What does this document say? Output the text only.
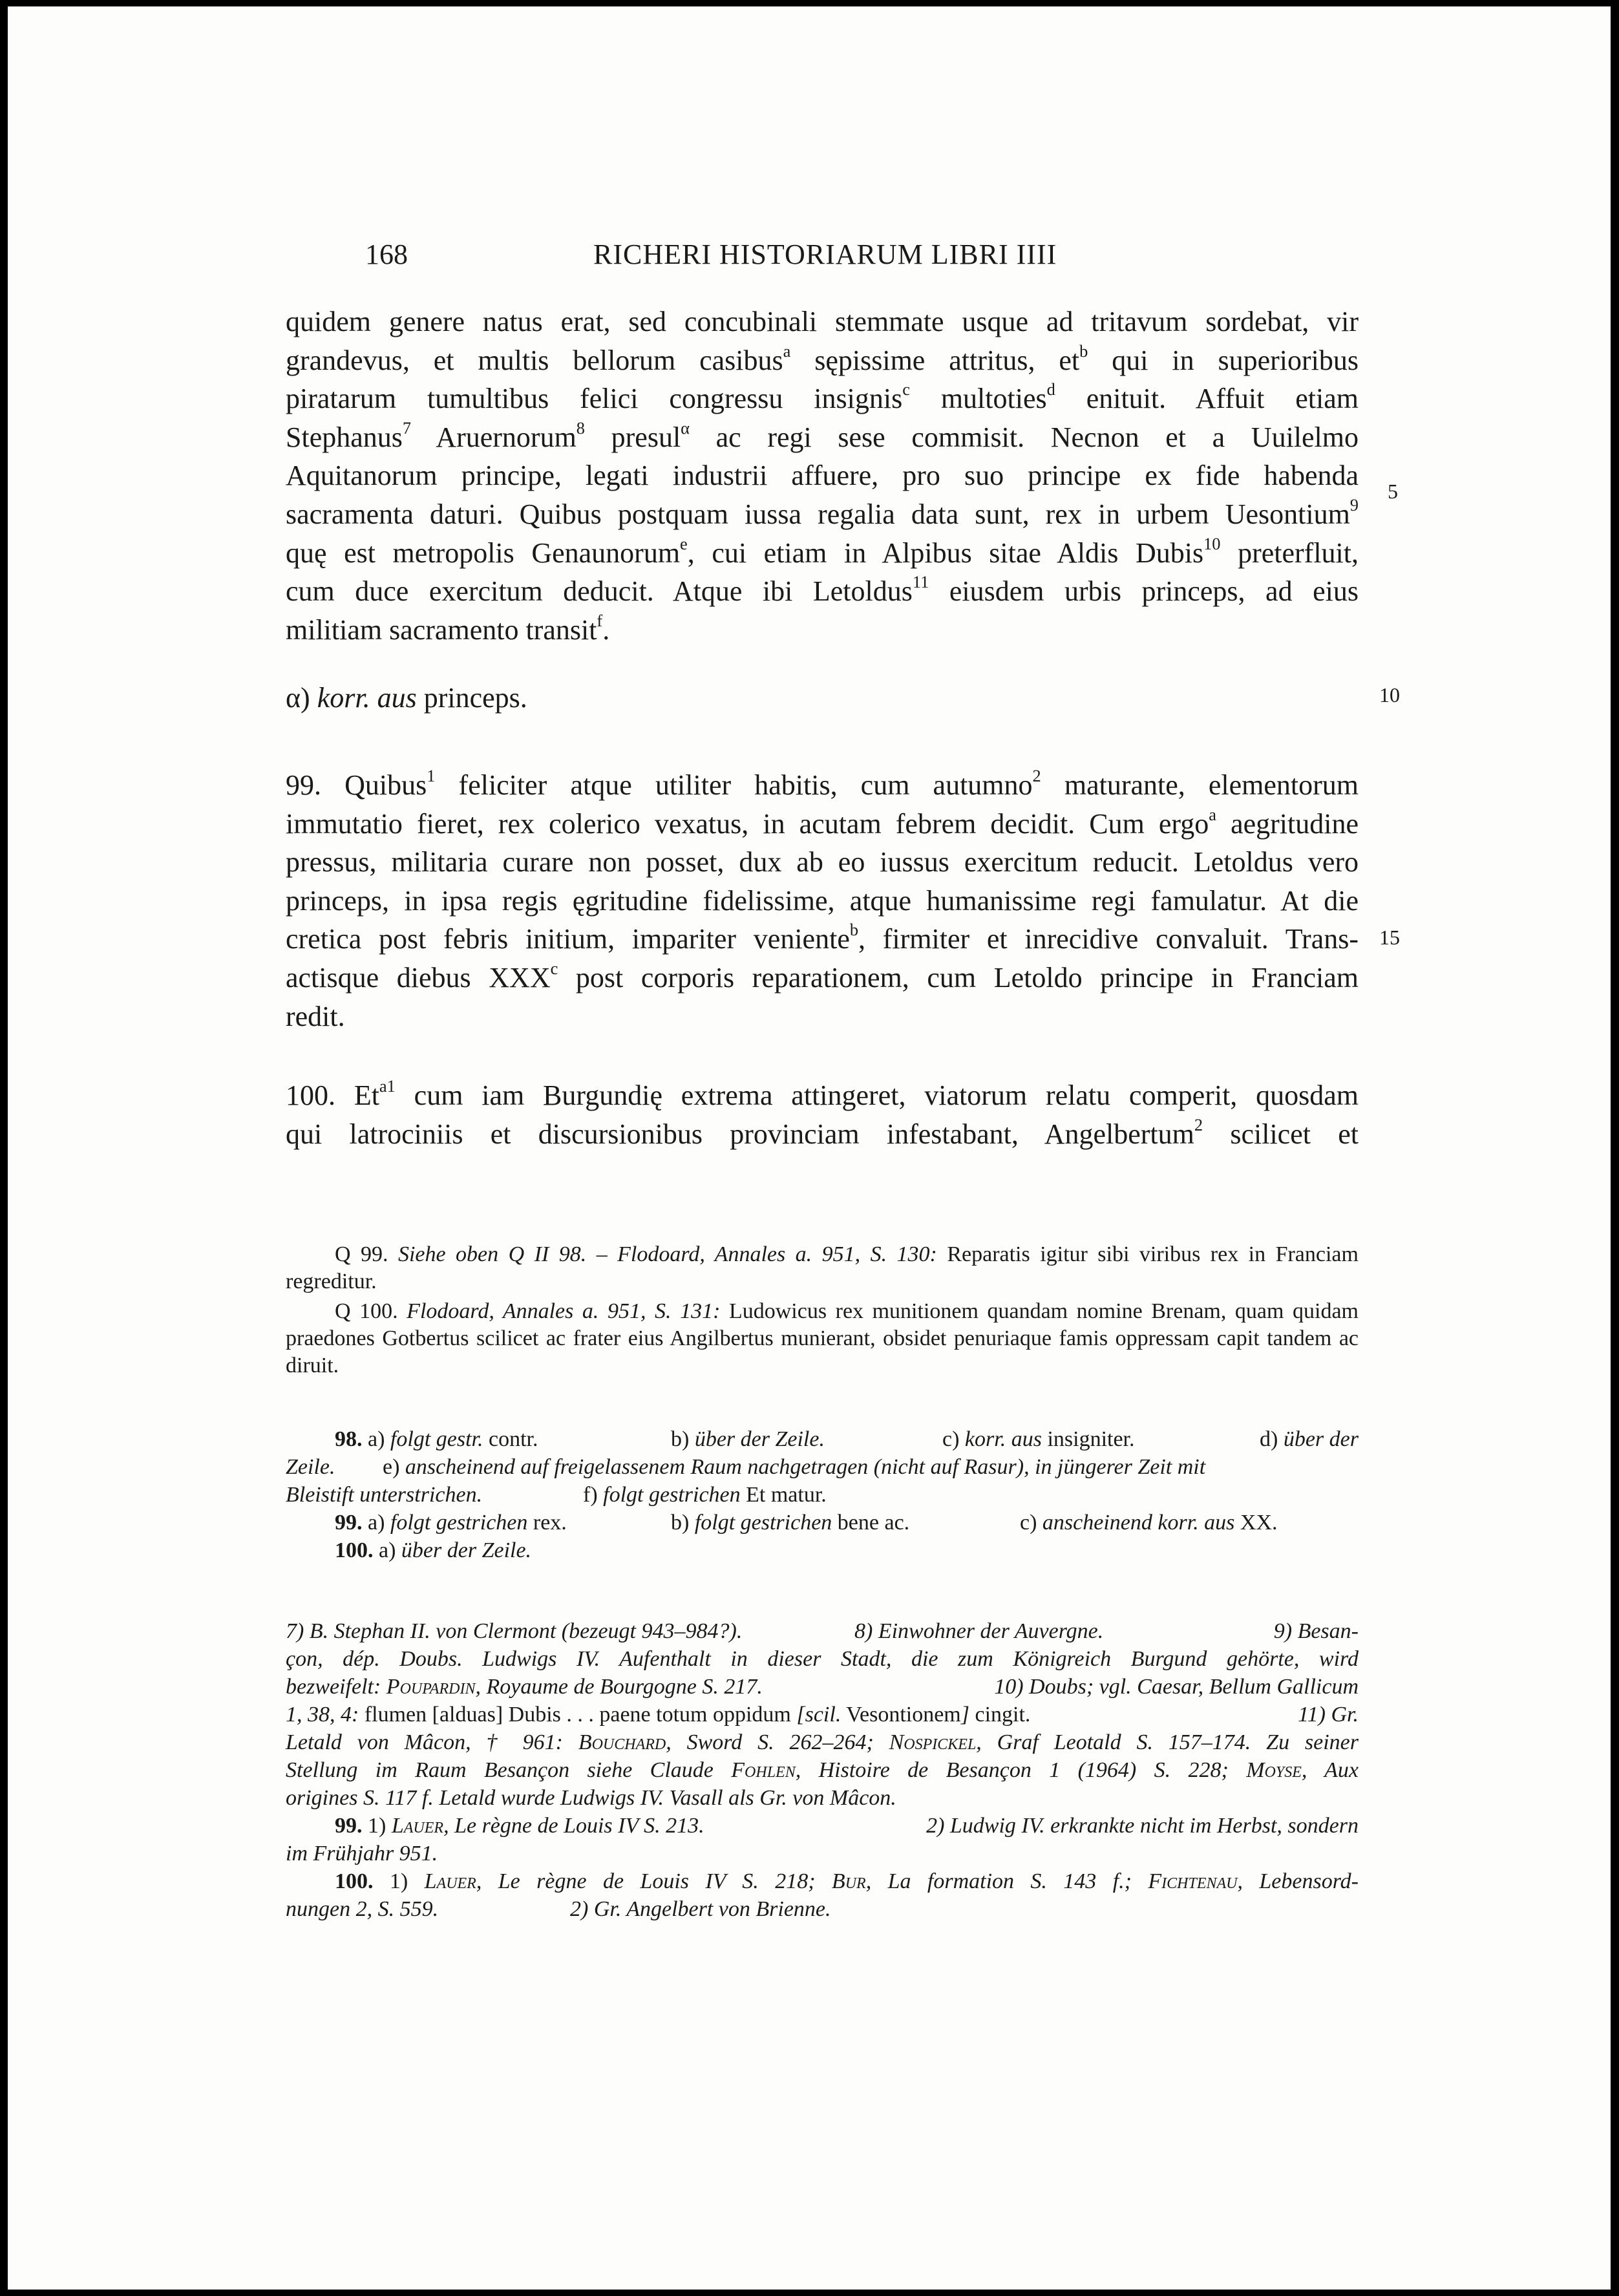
168	RICHERI HISTORIARUM LIBRI IIII
quidem genere natus erat, sed concubinali stemmate usque ad tritavum sordebat, vir
grandevus, et multis bellorum casibus$^a$ sępissime attritus, $et^b$ qui in superioribus
piratarum tumultibus felici congressu insignis$^c$ multoties$^d$ enituit. Affuit etiam
Stephanus$^7$ Aruernorum$^8$ presul$^\alpha$ ac regi sese commisit. Necnon et a Uuilelmo
Aquitanorum principe, legati industrii affuere, pro suo principe ex fide habenda
sacramenta daturi. Quibus postquam iussa regalia data sunt, rex in urbem Uesontium$^9$
quę est metropolis Genaunorum$^e$, cui etiam in Alpibus sitae Aldis Dubis$^{10}$ preterfluit,
cum duce exercitum deducit. Atque ibi Letoldus$^{11}$ eiusdem urbis princeps, ad eius
militiam sacramento transit$^f$.
α) korr. aus princeps.
5
10
15
99. Quibus$^1$ feliciter atque utiliter habitis, cum autumno$^2$ maturante, elementorum
immutatio fieret, rex colerico vexatus, in acutam febrem decidit. Cum ergo$^a$ aegritudine
pressus, militaria curare non posset, dux ab eo iussus exercitum reducit. Letoldus vero
princeps, in ipsa regis ęgritudine fidelissime, atque humanissime regi famulatur. At die
cretica post febris initium, impariter veniente$^b$, firmiter et inrecidive convaluit. Trans-
actisque diebus XXX$^c$ post corporis reparationem, cum Letoldo principe in Franciam
redit.
100. $Et^{a1}$ cum iam Burgundię extrema attingeret, viatorum relatu comperit, quosdam
qui latrociniis et discursionibus provinciam infestabant, Angelbertum$^2$ scilicet et

Q 99. Siehe oben Q II 98. – Flodoard, Annales a. 951, S. 130: Reparatis igitur sibi viribus rex in Franciam regreditur.

Q 100. Flodoard, Annales a. 951, S. 131: Ludowicus rex munitionem quandam nomine Brenam, quam quidam praedones Gotbertus scilicet ac frater eius Angilbertus munierant, obsidet penuriaque famis oppressam capit tandem ac diruit.

98. a) folgt gestr. contr.	b) über der Zeile.	c) korr. aus insigniter.	d) über der
Zeile.	e) anscheinend auf freigelassenem Raum nachgetragen (nicht auf Rasur), in jüngerer Zeit mit
Bleistift unterstrichen.	f) folgt gestrichen Et matur.
99. a) folgt gestrichen rex.	b) folgt gestrichen bene ac.	c) anscheinend korr. aus XX.
100. a) über der Zeile.
7) B. Stephan II. von Clermont (bezeugt 943–984?).	8) Einwohner der Auvergne.	9) Besan-
çon, dép. Doubs. Ludwigs IV. Aufenthalt in dieser Stadt, die zum Königreich Burgund gehörte, wird
bezweifelt: Poupardin, Royaume de Bourgogne S. 217.	10) Doubs; vgl. Caesar, Bellum Gallicum
1, 38, 4: flumen [alduas] Dubis . . . paene totum oppidum [scil. Vesontionem] cingit.	11) Gr.
Letald von Mâcon, † 961: Bouchard, Sword S. 262–264; Nospickel, Graf Leotald S. 157–174. Zu seiner
Stellung im Raum Besançon siehe Claude Fohlen, Histoire de Besançon 1 (1964) S. 228; Moyse, Aux
origines S. 117 f. Letald wurde Ludwigs IV. Vasall als Gr. von Mâcon.
99. 1) Lauer, Le règne de Louis IV S. 213.	2) Ludwig IV. erkrankte nicht im Herbst, sondern
im Frühjahr 951.
100. 1) Lauer, Le règne de Louis IV S. 218; Bur, La formation S. 143 f.; Fichtenau, Lebensord-
nungen 2, S. 559.	2) Gr. Angelbert von Brienne.
